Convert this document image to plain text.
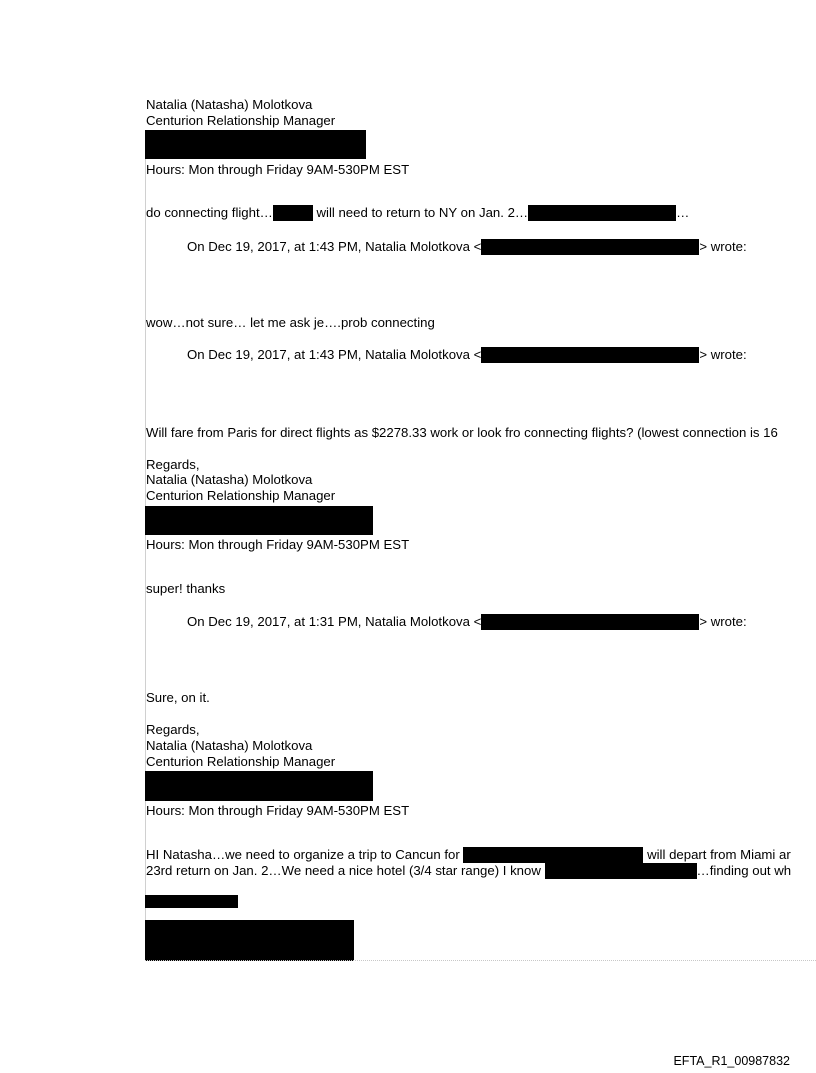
Natalia (Natasha) Molotkova
Centurion Relationship Manager
Hours: Mon through Friday 9AM-530PM EST
do connecting flight…	will need to return to NY on Jan. 2…	…
On Dec 19, 2017, at 1:43 PM, Natalia Molotkova <	> wrote:
wow…not sure… let me ask je….prob connecting
On Dec 19, 2017, at 1:43 PM, Natalia Molotkova <	> wrote:
Will fare from Paris for direct flights as $2278.33 work or look fro connecting flights? (lowest connection is 16
Regards,
Natalia (Natasha) Molotkova
Centurion Relationship Manager
Hours: Mon through Friday 9AM-530PM EST
super! thanks
On Dec 19, 2017, at 1:31 PM, Natalia Molotkova <	> wrote:
Sure, on it.
Regards,
Natalia (Natasha) Molotkova
Centurion Relationship Manager
Hours: Mon through Friday 9AM-530PM EST
HI Natasha…we need to organize a trip to Cancun for	will depart from Miami ar
23rd return on Jan. 2…We need a nice hotel (3/4 star range) I know	…finding out wh
EFTA_R1_00987832
